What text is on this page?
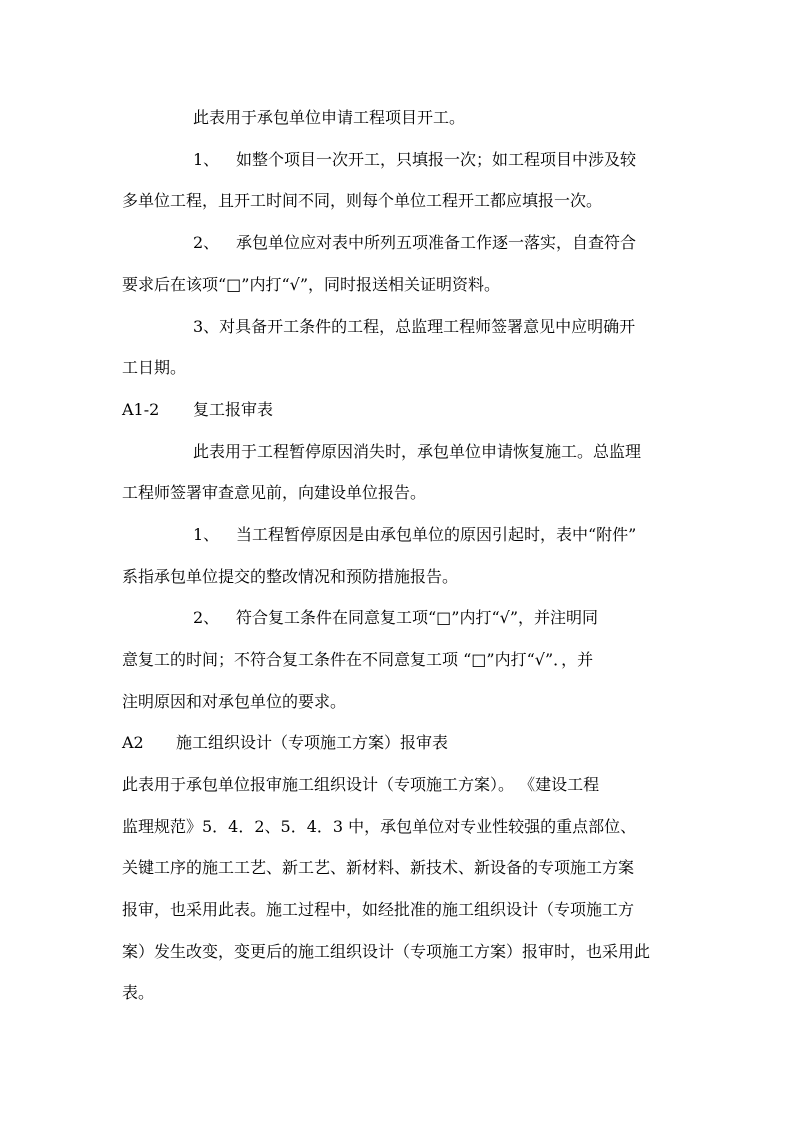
此表用于承包单位申请工程项目开工。
1、 如整个项目一次开工，只填报一次；如工程项目中涉及较
多单位工程，且开工时间不同，则每个单位工程开工都应填报一次。
2、 承包单位应对表中所列五项准备工作逐一落实，自查符合
要求后在该项“□”内打“√”，同时报送相关证明资料。
3、对具备开工条件的工程，总监理工程师签署意见中应明确开
工日期。
A1-2 复工报审表
此表用于工程暂停原因消失时，承包单位申请恢复施工。总监理
工程师签署审查意见前，向建设单位报告。
1、 当工程暂停原因是由承包单位的原因引起时，表中“附件”
系指承包单位提交的整改情况和预防措施报告。
2、 符合复工条件在同意复工项“□”内打“√”，并注明同
意复工的时间；不符合复工条件在不同意复工项 “□”内打“√”．，并
注明原因和对承包单位的要求。
A2 施工组织设计（专项施工方案）报审表
此表用于承包单位报审施工组织设计（专项施工方案）。 《建设工程
监理规范》5．4．2、5．4．3 中，承包单位对专业性较强的重点部位、
关键工序的施工工艺、新工艺、新材料、新技术、新设备的专项施工方案
报审，也采用此表。施工过程中，如经批准的施工组织设计（专项施工方
案）发生改变，变更后的施工组织设计（专项施工方案）报审时，也采用此
表。
